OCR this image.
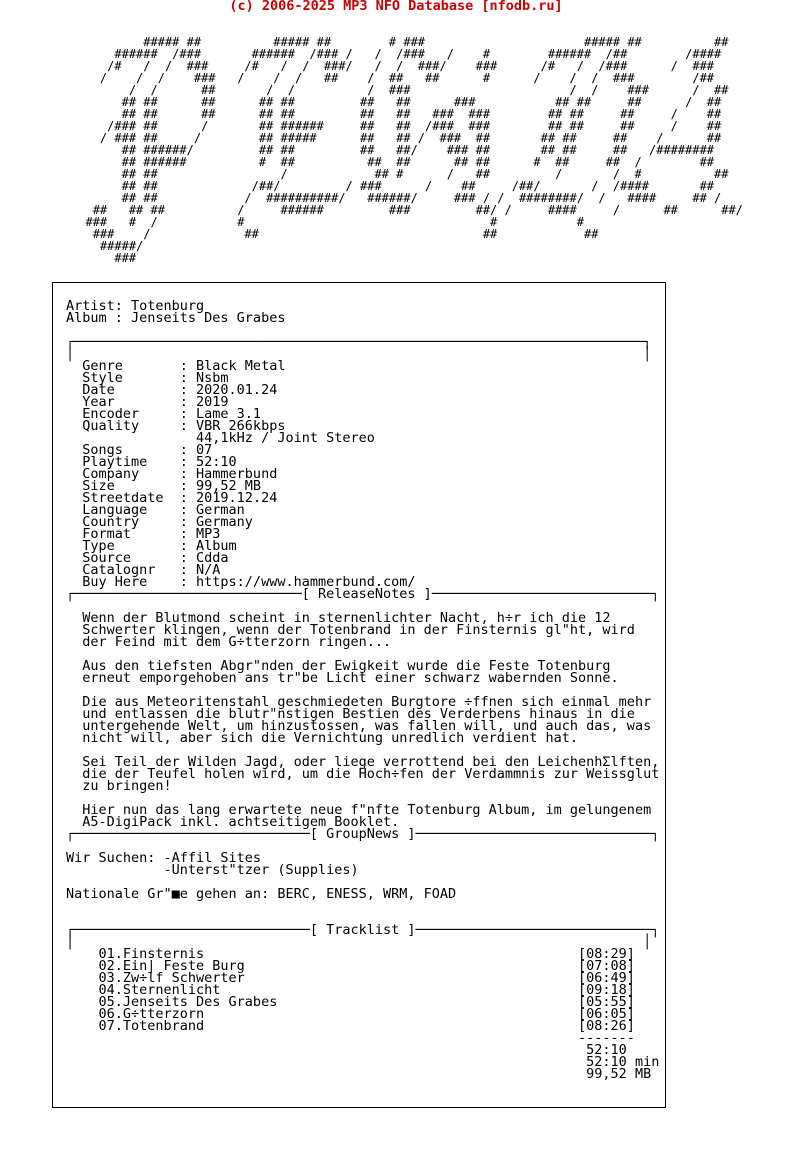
(c) 2006-2025 MP3 NFO Database [nfodb.ru]
##### ##          ##### ##        # ###                      ##### ##          ##
######  /###       ######  /### /   /  /###   /    #        ######  /##        /####
/#   /  /  ###     /#   /  /  ###/   /  /  ###/    ###      /#   /  /###      /  ###
/    /  /    ###   /    /  /   ##    /  ##   ##      #      /    /  /  ###        /##
/  /      ##       /  /          /  ###                      /  /    ###      /  ##
## ##      ##      ## ##         ##   ##      ###           ## ##     ##      /  ##
## ##      ##      ## ##         ##   ##   ###  ###        ## ##     ##     /    ##
/### ##      /       ## ######     ##   ##  /###  ###        ## ##     ##     /    ##
/ ### ##     /        ## #####      ##   ## /  ###  ##       ## ##     ##    /      ##
## ######/         ## ##         ##   ##/    ### ##       ## ##     ##   /########
## ######          #  ##          ##  ##      ## ##      #  ##     ##  /        ##
## ##                 /            ## #      /   ##         /       /  #          ##
## ##             /##/         / ###      /    ##     /##/       /  /####       ##
## ##            /  ##########/   ######/     ### / /  ########/  /   ####     ## /
##   ## ##          /     ######         ###         ##/ /     ####     /      ##      ##/
###   #  /           #                                  #           #
###    /             ##                               ##            ##
#####/
###
Artist: Totenburg
Album : Jenseits Des Grabes

┌──────────────────────────────────────────────────────────────────────┐
│                                                                      │
Genre       : Black Metal
Style       : Nsbm
Date        : 2020.01.24
Year        : 2019
Encoder     : Lame 3.1
Quality     : VBR 266kbps
44,1kHz / Joint Stereo
Songs       : 07
Playtime    : 52:10
Company     : Hammerbund
Size        : 99,52 MB
Streetdate  : 2019.12.24
Language    : German
Country     : Germany
Format      : MP3
Type        : Album
Source      : Cdda
Catalognr   : N/A
Buy Here    : https://www.hammerbund.com/
┌────────────────────────────[ ReleaseNotes ]───────────────────────────┐

Wenn der Blutmond scheint in sternenlichter Nacht, h÷r ich die 12
Schwerter klingen, wenn der Totenbrand in der Finsternis gl"ht, wird
der Feind mit dem G÷tterzorn ringen...

Aus den tiefsten Abgr"nden der Ewigkeit wurde die Feste Totenburg
erneut emporgehoben ans tr"be Licht einer schwarz wabernden Sonne.

Die aus Meteoritenstahl geschmiedeten Burgtore ÷ffnen sich einmal mehr
und entlassen die blutr"nstigen Bestien des Verderbens hinaus in die
untergehende Welt, um hinzustossen, was fallen will, und auch das, was
nicht will, aber sich die Vernichtung unredlich verdient hat.

Sei Teil der Wilden Jagd, oder liege verrottend bei den LeichenhΣlften,
die der Teufel holen wird, um die Hoch÷fen der Verdammnis zur Weissglut
zu bringen!

Hier nun das lang erwartete neue f"nfte Totenburg Album, im gelungenem
A5-DigiPack inkl. achtseitigem Booklet.
┌─────────────────────────────[ GroupNews ]─────────────────────────────┐

Wir Suchen: -Affil Sites
-Unterst"tzer (Supplies)

Nationale Gr"■e gehen an: BERC, ENESS, WRM, FOAD

┌─────────────────────────────[ Tracklist ]─────────────────────────────┐
│                                                                      │
01.Finsternis                                              [08:29]
02.Ein| Feste Burg                                         [07:08]
03.Zw÷lf Schwerter                                         [06:49]
04.Sternenlicht                                            [09:18]
05.Jenseits Des Grabes                                     [05:55]
06.G÷tterzorn                                              [06:05]
07.Totenbrand                                              [08:26]
-------
52:10
52:10 min
99,52 MB
